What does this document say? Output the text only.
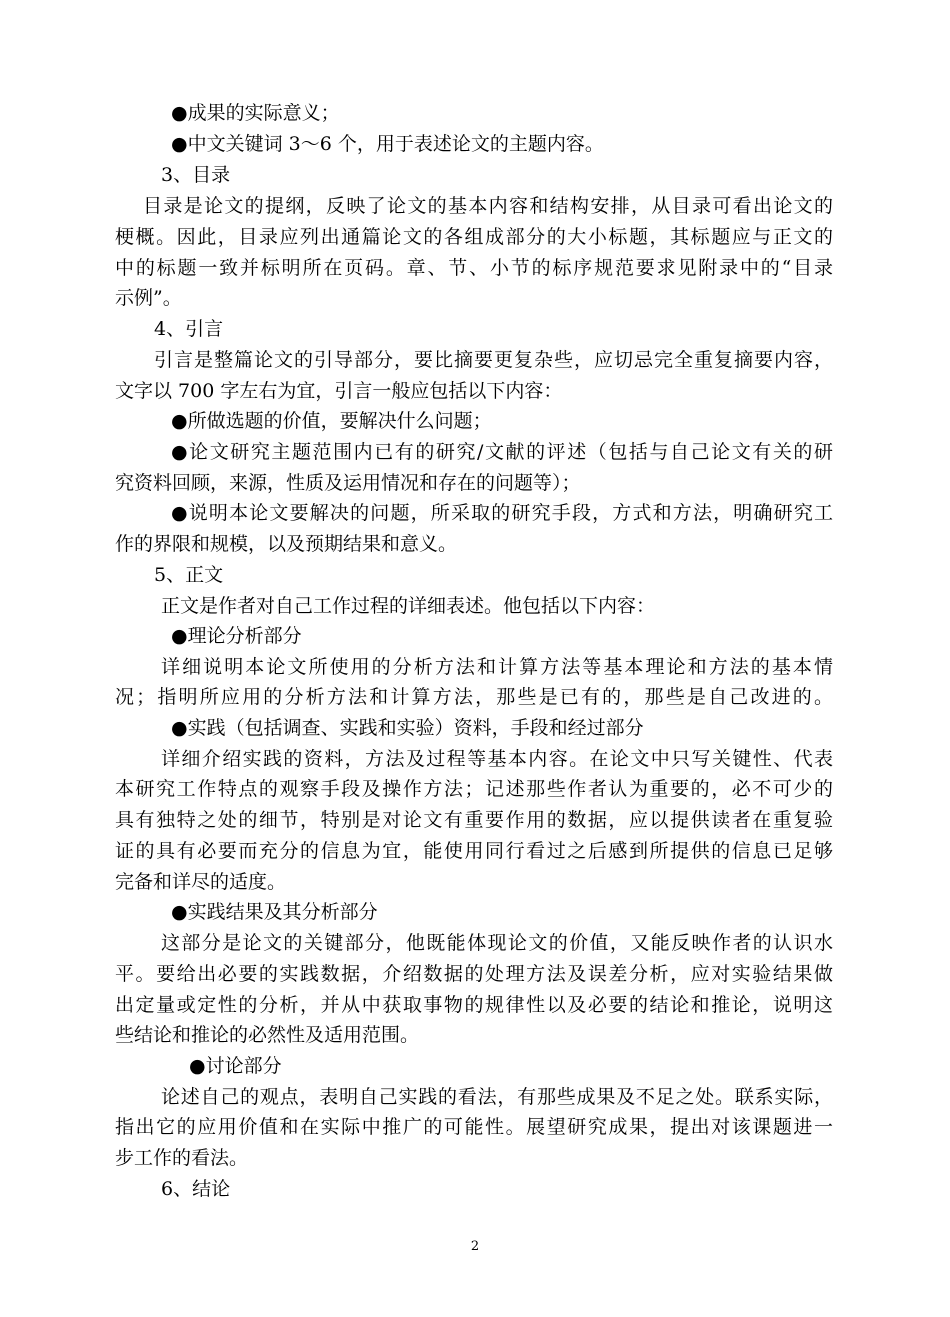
●成果的实际意义；
●中文关键词 3～6 个，用于表述论文的主题内容。
3、目录
目录是论文的提纲，反映了论文的基本内容和结构安排，从目录可看出论文的
梗概。因此，目录应列出通篇论文的各组成部分的大小标题，其标题应与正文的
中的标题一致并标明所在页码。章、节、小节的标序规范要求见附录中的“目录
示例”。
4、引言
引言是整篇论文的引导部分，要比摘要更复杂些，应切忌完全重复摘要内容，
文字以 700 字左右为宜，引言一般应包括以下内容：
●所做选题的价值，要解决什么问题；
●论文研究主题范围内已有的研究/文献的评述（包括与自己论文有关的研
究资料回顾，来源，性质及运用情况和存在的问题等）；
●说明本论文要解决的问题，所采取的研究手段，方式和方法，明确研究工
作的界限和规模，以及预期结果和意义。
5、正文
正文是作者对自己工作过程的详细表述。他包括以下内容：
●理论分析部分
详细说明本论文所使用的分析方法和计算方法等基本理论和方法的基本情
况；指明所应用的分析方法和计算方法，那些是已有的，那些是自己改进的。
●实践（包括调查、实践和实验）资料，手段和经过部分
详细介绍实践的资料，方法及过程等基本内容。在论文中只写关键性、代表
本研究工作特点的观察手段及操作方法；记述那些作者认为重要的，必不可少的
具有独特之处的细节，特别是对论文有重要作用的数据，应以提供读者在重复验
证的具有必要而充分的信息为宜，能使用同行看过之后感到所提供的信息已足够
完备和详尽的适度。
●实践结果及其分析部分
这部分是论文的关键部分，他既能体现论文的价值，又能反映作者的认识水
平。要给出必要的实践数据，介绍数据的处理方法及误差分析，应对实验结果做
出定量或定性的分析，并从中获取事物的规律性以及必要的结论和推论，说明这
些结论和推论的必然性及适用范围。
●讨论部分
论述自己的观点，表明自己实践的看法，有那些成果及不足之处。联系实际，
指出它的应用价值和在实际中推广的可能性。展望研究成果，提出对该课题进一
步工作的看法。
6、结论
2
